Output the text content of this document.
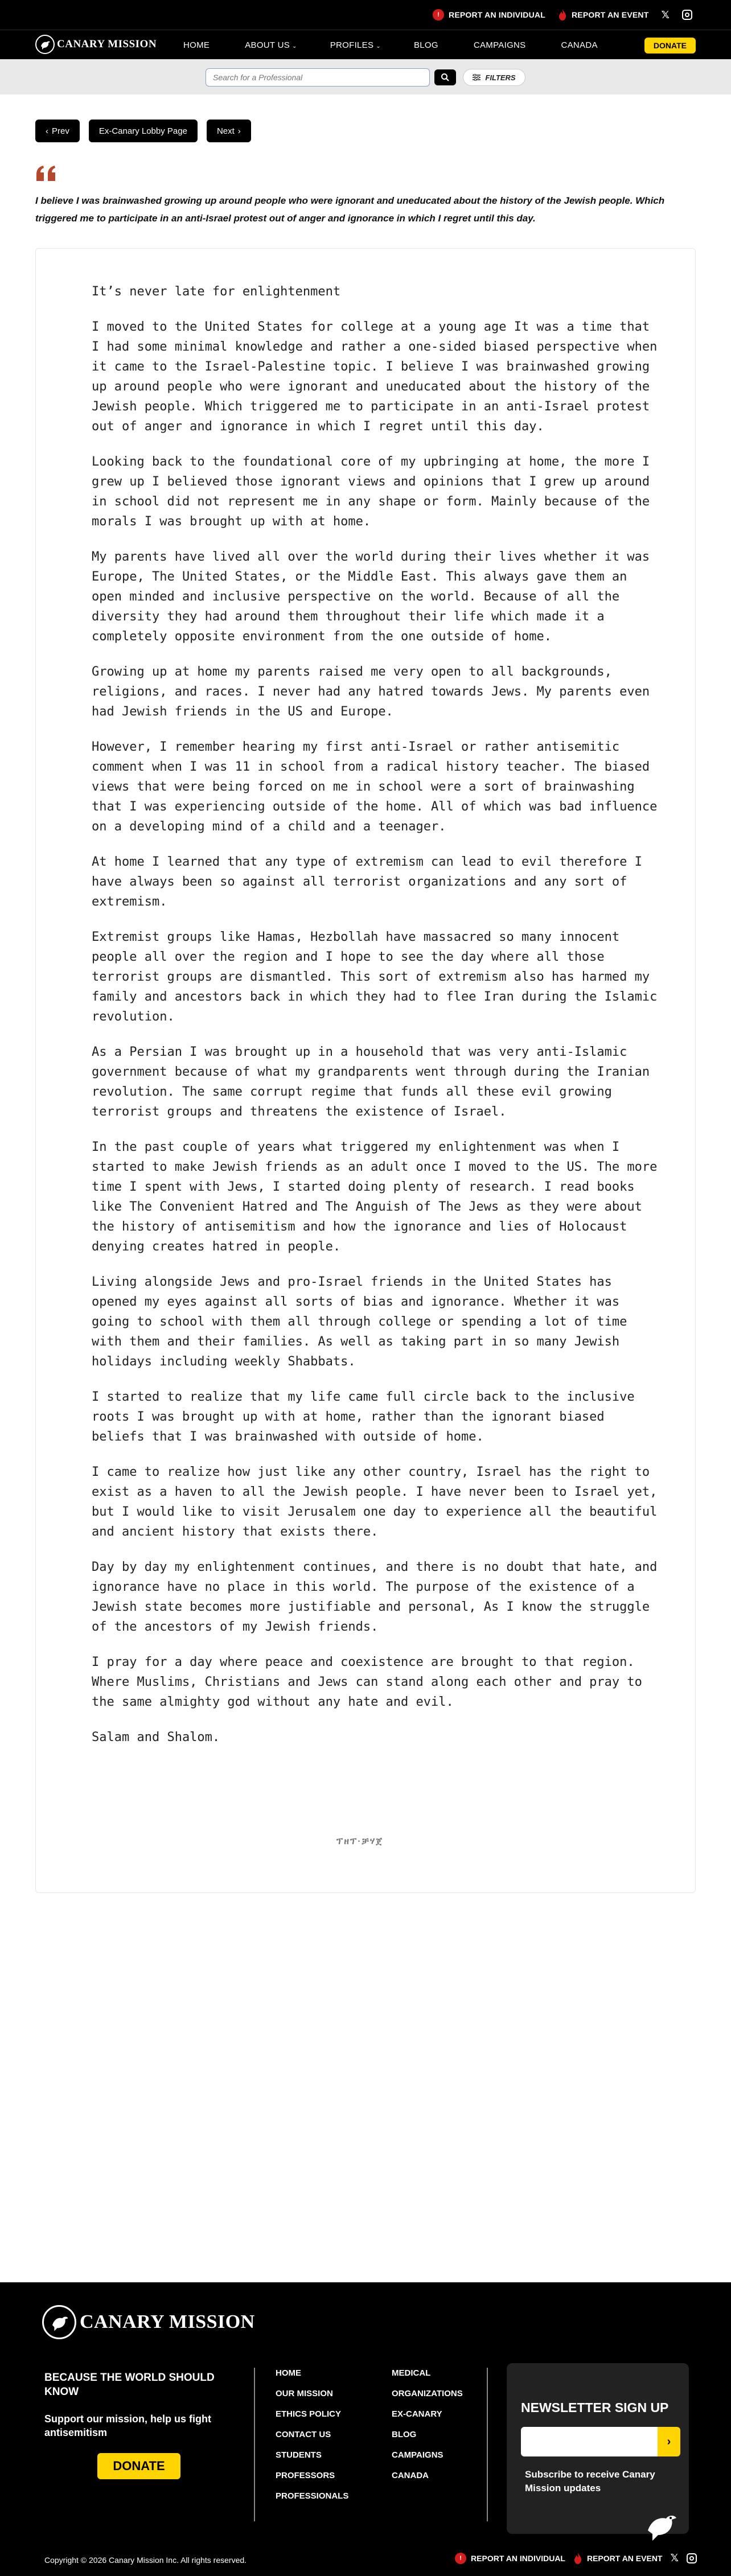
!	REPORT AN INDIVIDUAL	REPORT AN EVENT 𝕏
CANARY MISSION	HOME	ABOUT US ⌄	PROFILES ⌄	BLOG	CAMPAIGNS	CANADA	DONATE
Search for a Professional
FILTERS
‹ Prev	Ex-Canary Lobby Page	Next ›
I believe I was brainwashed growing up around people who were ignorant and uneducated about the history of the Jewish people. Which triggered me to participate in an anti-Israel protest out of anger and ignorance in which I regret until this day.

It’s never late for enlightenment

I moved to the United States for college at a young age It was a time that I had some minimal knowledge and rather a one-sided biased perspective when it came to the Israel-Palestine topic. I believe I was brainwashed growing up around people who were ignorant and uneducated about the history of the Jewish people. Which triggered me to participate in an anti-Israel protest out of anger and ignorance in which I regret until this day.

Looking back to the foundational core of my upbringing at home, the more I grew up I believed those ignorant views and opinions that I grew up around in school did not represent me in any shape or form. Mainly because of the morals I was brought up with at home.

My parents have lived all over the world during their lives whether it was Europe, The United States, or the Middle East. This always gave them an open minded and inclusive perspective on the world. Because of all the diversity they had around them throughout their life which made it a completely opposite environment from the one outside of home.

Growing up at home my parents raised me very open to all backgrounds, religions, and races. I never had any hatred towards Jews. My parents even had Jewish friends in the US and Europe.

However, I remember hearing my first anti-Israel or rather antisemitic comment when I was 11 in school from a radical history teacher. The biased views that were being forced on me in school were a sort of brainwashing that I was experiencing outside of the home. All of which was bad influence on a developing mind of a child and a teenager.

At home I learned that any type of extremism can lead to evil therefore I have always been so against all terrorist organizations and any sort of extremism.

Extremist groups like Hamas, Hezbollah have massacred so many innocent people all over the region and I hope to see the day where all those terrorist groups are dismantled. This sort of extremism also has harmed my family and ancestors back in which they had to flee Iran during the Islamic revolution.

As a Persian I was brought up in a household that was very anti-Islamic government because of what my grandparents went through during the Iranian revolution. The same corrupt regime that funds all these evil growing terrorist groups and threatens the existence of Israel.

In the past couple of years what triggered my enlightenment was when I started to make Jewish friends as an adult once I moved to the US. The more time I spent with Jews, I started doing plenty of research. I read books like The Convenient Hatred and The Anguish of The Jews as they were about the history of antisemitism and how the ignorance and lies of Holocaust denying creates hatred in people.

Living alongside Jews and pro-Israel friends in the United States has opened my eyes against all sorts of bias and ignorance. Whether it was going to school with them all through college or spending a lot of time with them and their families. As well as taking part in so many Jewish holidays including weekly Shabbats.

I started to realize that my life came full circle back to the inclusive roots I was brought up with at home, rather than the ignorant biased beliefs that I was brainwashed with outside of home.

I came to realize how just like any other country, Israel has the right to exist as a haven to all the Jewish people. I have never been to Israel yet, but I would like to visit Jerusalem one day to experience all the beautiful and ancient history that exists there.

Day by day my enlightenment continues, and there is no doubt that hate, and ignorance have no place in this world. The purpose of the existence of a Jewish state becomes more justifiable and personal, As I know the struggle of the ancestors of my Jewish friends.

I pray for a day where peace and coexistence are brought to that region. Where Muslims, Christians and Jews can stand along each other and pray to the same almighty god without any hate and evil.

Salam and Shalom.

ፕዘፕ·ቻሃጀ
CANARY MISSION
BECAUSE THE WORLD SHOULD KNOW
Support our mission, help us fight antisemitism
DONATE
HOME
OUR MISSION
ETHICS POLICY
CONTACT US
STUDENTS
PROFESSORS
PROFESSIONALS
MEDICAL
ORGANIZATIONS
EX-CANARY
BLOG
CAMPAIGNS
CANADA
NEWSLETTER SIGN UP
›
Subscribe to receive Canary Mission updates
Copyright © 2026 Canary Mission Inc. All rights reserved.	!	REPORT AN INDIVIDUAL	REPORT AN EVENT 𝕏
